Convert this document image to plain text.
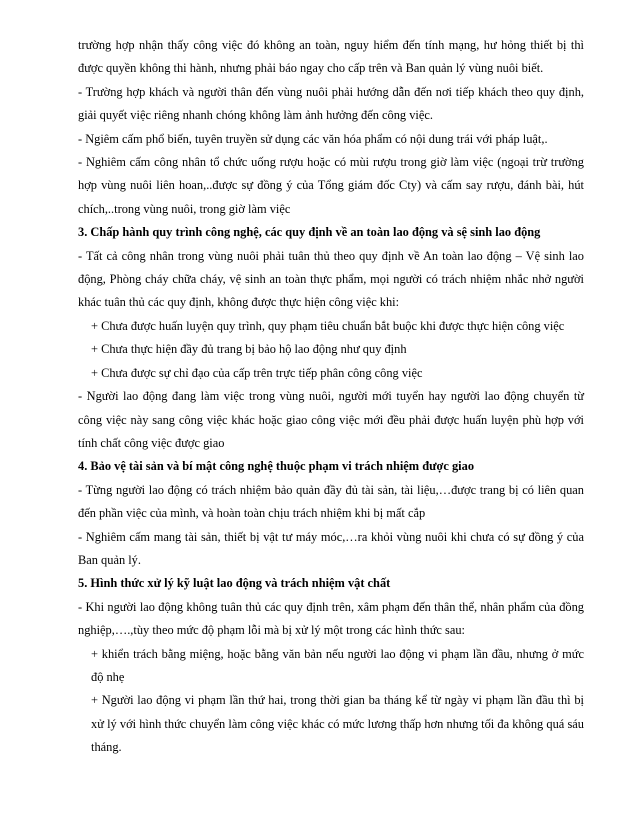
trường hợp nhận thấy công việc đó không an toàn, nguy hiểm đến tính mạng, hư hỏng thiết bị thì được quyền không thi hành, nhưng phải báo ngay cho cấp trên và Ban quản lý vùng nuôi biết.

- Trường hợp khách và người thân đến vùng nuôi phải hướng dẫn đến nơi tiếp khách theo quy định, giải quyết việc riêng nhanh chóng không làm ảnh hưởng đến công việc.

- Ngiêm cấm phổ biến, tuyên truyền sử dụng các văn hóa phẩm có nội dung trái với pháp luật,.

- Nghiêm cấm công nhân tổ chức uống rượu hoặc có mùi rượu trong giờ làm việc (ngoại trừ trường hợp vùng nuôi liên hoan,..được sự đồng ý của Tổng giám đốc Cty) và cấm say rượu, đánh bài, hút chích,..trong vùng nuôi, trong giờ làm việc

3. Chấp hành quy trình công nghệ, các quy định về an toàn lao động và sệ sinh lao động

- Tất cả công nhân trong vùng nuôi phải tuân thủ theo quy định về An toàn lao động – Vệ sinh lao động, Phòng cháy chữa cháy, vệ sinh an toàn thực phẩm, mọi người có trách nhiệm nhắc nhở người khác tuân thủ các quy định, không được thực hiện công việc khi:

+ Chưa được huấn luyện quy trình, quy phạm tiêu chuẩn bắt buộc khi được thực hiện công việc

+ Chưa thực hiện đầy đủ trang bị bảo hộ lao động như quy định

+ Chưa được sự chỉ đạo của cấp trên trực tiếp phân công công việc

- Người lao động đang làm việc trong vùng nuôi, người mới tuyển hay người lao động chuyển từ công việc này sang công việc khác hoặc giao công việc mới đều phải được huấn luyện phù hợp với tính chất công việc được giao

4. Bảo vệ tài sản và bí mật công nghệ thuộc phạm vi trách nhiệm được giao

- Từng người lao động có trách nhiệm bảo quản đầy đủ tài sản, tài liệu,…được trang bị có liên quan đến phần việc của mình, và hoàn toàn chịu trách nhiệm khi bị mất cắp

- Nghiêm cấm mang tài sản, thiết bị vật tư máy móc,…ra khỏi vùng nuôi khi chưa có sự đồng ý của Ban quản lý.

5. Hình thức xử lý kỹ luật lao động và trách nhiệm vật chất

- Khi người lao động không tuân thủ các quy định trên, xâm phạm đến thân thể, nhân phẩm của đồng nghiệp,….,tùy theo mức độ phạm lỗi mà bị xử lý một trong các hình thức sau:

+ khiển trách bằng miệng, hoặc bằng văn bản nếu người lao động vi phạm lần đầu, nhưng ở mức độ nhẹ

+ Người lao động vi phạm lần thứ hai, trong thời gian ba tháng kể từ ngày vi phạm lần đầu thì bị xử lý với hình thức chuyển làm công việc khác có mức lương thấp hơn nhưng tối đa không quá sáu tháng.
